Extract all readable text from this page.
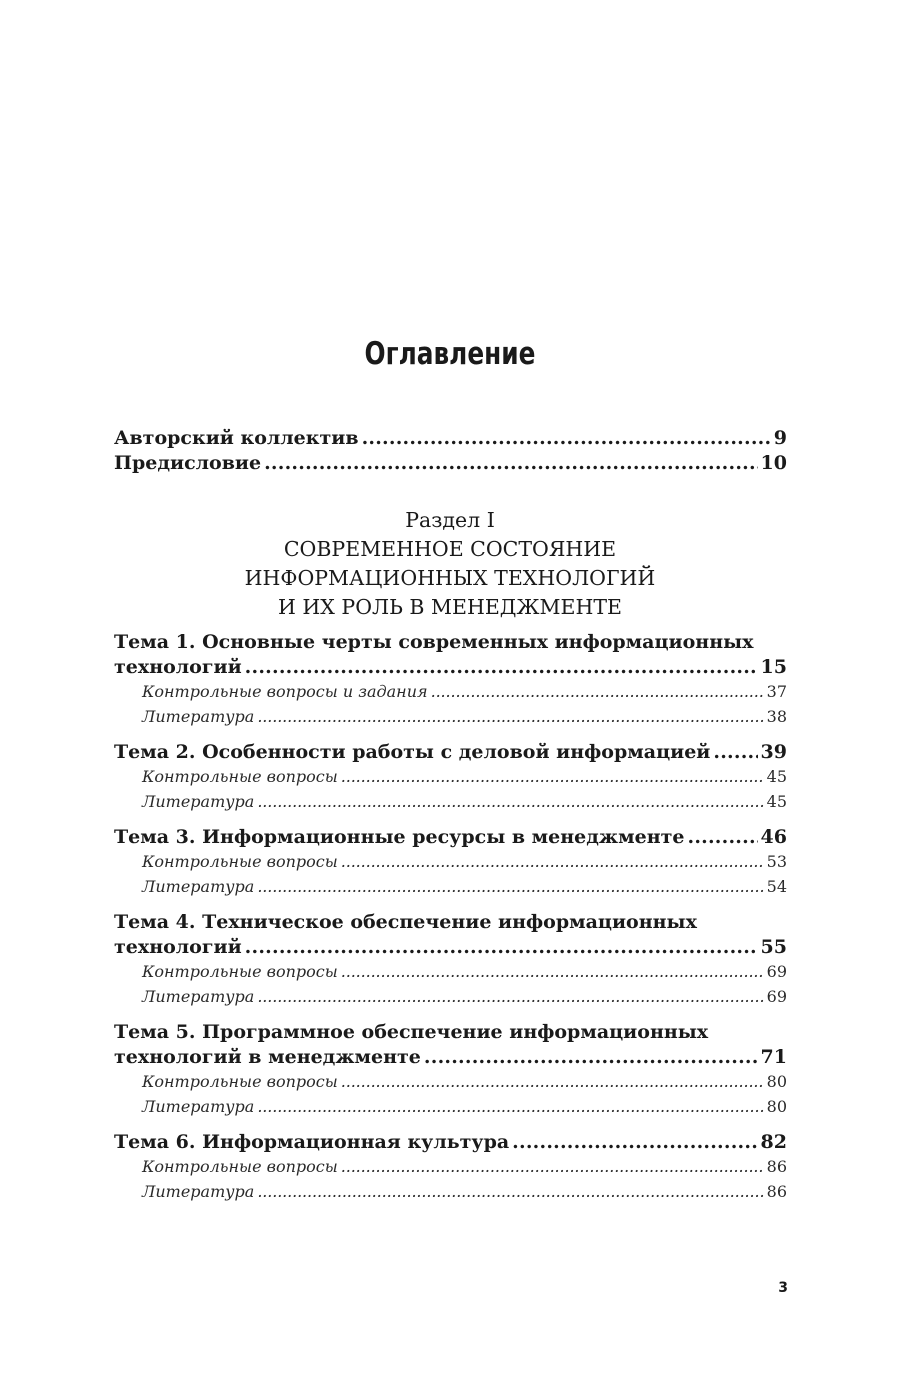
Оглавление
Авторский коллектив . . .	9
Предисловие . . .	10
Раздел I
СОВРЕМЕННОЕ СОСТОЯНИЕ
ИНФОРМАЦИОННЫХ ТЕХНОЛОГИЙ
И ИХ РОЛЬ В МЕНЕДЖМЕНТЕ
Тема 1. Основные черты современных информационных
технологий . . .	15
Контрольные вопросы и задания . . .	37
Литература . . .	38
Тема 2. Особенности работы с деловой информацией . . .	39
Контрольные вопросы . . .	45
Литература . . .	45
Тема 3. Информационные ресурсы в менеджменте . . .	46
Контрольные вопросы . . .	53
Литература . . .	54
Тема 4. Техническое обеспечение информационных
технологий . . .	55
Контрольные вопросы . . .	69
Литература . . .	69
Тема 5. Программное обеспечение информационных
технологий в менеджменте . . .	71
Контрольные вопросы . . .	80
Литература . . .	80
Тема 6. Информационная культура . . .	82
Контрольные вопросы . . .	86
Литература . . .	86
3
